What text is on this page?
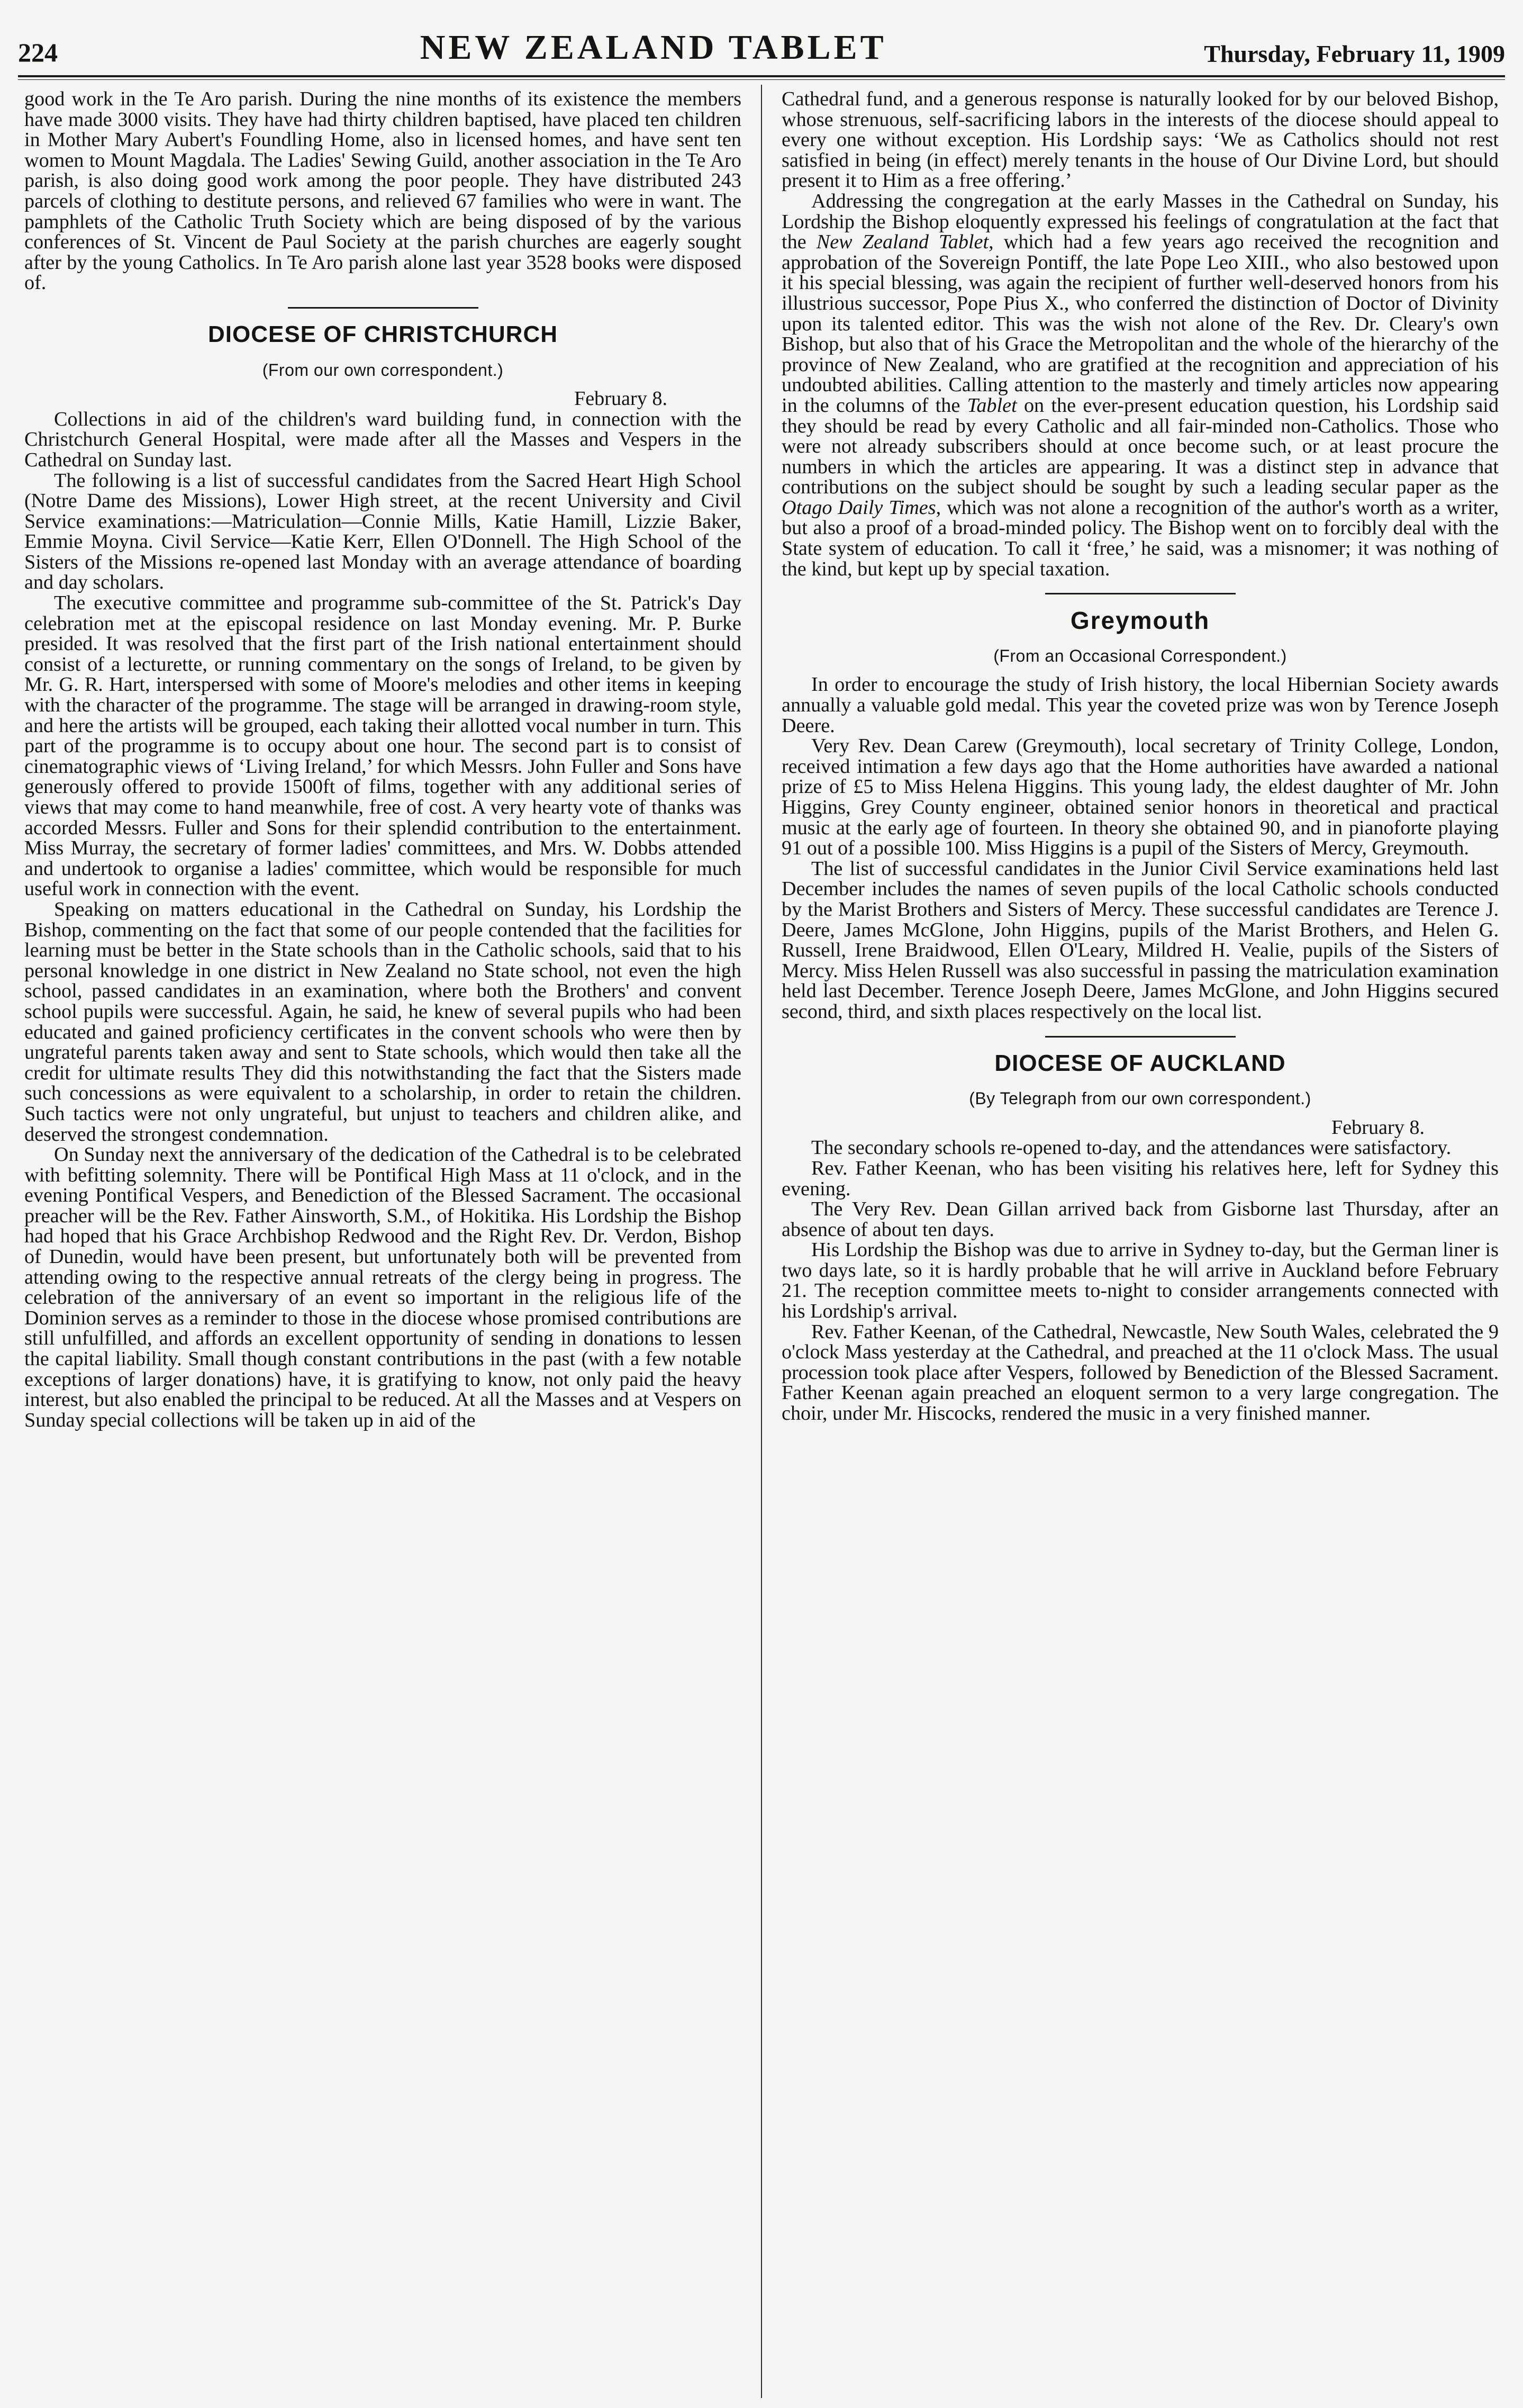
224	NEW ZEALAND TABLET	Thursday, February 11, 1909

good work in the Te Aro parish. During the nine months of its existence the members have made 3000 visits. They have had thirty children baptised, have placed ten children in Mother Mary Aubert's Foundling Home, also in licensed homes, and have sent ten women to Mount Magdala. The Ladies' Sewing Guild, another association in the Te Aro parish, is also doing good work among the poor people. They have distributed 243 parcels of clothing to destitute persons, and relieved 67 families who were in want. The pamphlets of the Catholic Truth Society which are being disposed of by the various conferences of St. Vincent de Paul Society at the parish churches are eagerly sought after by the young Catholics. In Te Aro parish alone last year 3528 books were disposed of.

DIOCESE OF CHRISTCHURCH
(From our own correspondent.)

February 8.

Collections in aid of the children's ward building fund, in connection with the Christchurch General Hospital, were made after all the Masses and Vespers in the Cathedral on Sunday last.

The following is a list of successful candidates from the Sacred Heart High School (Notre Dame des Missions), Lower High street, at the recent University and Civil Service examinations:—Matriculation—Connie Mills, Katie Hamill, Lizzie Baker, Emmie Moyna. Civil Service—Katie Kerr, Ellen O'Donnell. The High School of the Sisters of the Missions re-opened last Monday with an average attendance of boarding and day scholars.

The executive committee and programme sub-committee of the St. Patrick's Day celebration met at the episcopal residence on last Monday evening. Mr. P. Burke presided. It was resolved that the first part of the Irish national entertainment should consist of a lecturette, or running commentary on the songs of Ireland, to be given by Mr. G. R. Hart, interspersed with some of Moore's melodies and other items in keeping with the character of the programme. The stage will be arranged in drawing-room style, and here the artists will be grouped, each taking their allotted vocal number in turn. This part of the programme is to occupy about one hour. The second part is to consist of cinematographic views of ‘Living Ireland,’ for which Messrs. John Fuller and Sons have generously offered to provide 1500ft of films, together with any additional series of views that may come to hand meanwhile, free of cost. A very hearty vote of thanks was accorded Messrs. Fuller and Sons for their splendid contribution to the entertainment. Miss Murray, the secretary of former ladies' committees, and Mrs. W. Dobbs attended and undertook to organise a ladies' committee, which would be responsible for much useful work in connection with the event.

Speaking on matters educational in the Cathedral on Sunday, his Lordship the Bishop, commenting on the fact that some of our people contended that the facilities for learning must be better in the State schools than in the Catholic schools, said that to his personal knowledge in one district in New Zealand no State school, not even the high school, passed candidates in an examination, where both the Brothers' and convent school pupils were successful. Again, he said, he knew of several pupils who had been educated and gained proficiency certificates in the convent schools who were then by ungrateful parents taken away and sent to State schools, which would then take all the credit for ultimate results They did this notwithstanding the fact that the Sisters made such concessions as were equivalent to a scholarship, in order to retain the children. Such tactics were not only ungrateful, but unjust to teachers and children alike, and deserved the strongest condemnation.

On Sunday next the anniversary of the dedication of the Cathedral is to be celebrated with befitting solemnity. There will be Pontifical High Mass at 11 o'clock, and in the evening Pontifical Vespers, and Benediction of the Blessed Sacrament. The occasional preacher will be the Rev. Father Ainsworth, S.M., of Hokitika. His Lordship the Bishop had hoped that his Grace Archbishop Redwood and the Right Rev. Dr. Verdon, Bishop of Dunedin, would have been present, but unfortunately both will be prevented from attending owing to the respective annual retreats of the clergy being in progress. The celebration of the anniversary of an event so important in the religious life of the Dominion serves as a reminder to those in the diocese whose promised contributions are still unfulfilled, and affords an excellent opportunity of sending in donations to lessen the capital liability. Small though constant contributions in the past (with a few notable exceptions of larger donations) have, it is gratifying to know, not only paid the heavy interest, but also enabled the principal to be reduced. At all the Masses and at Vespers on Sunday special collections will be taken up in aid of the

Cathedral fund, and a generous response is naturally looked for by our beloved Bishop, whose strenuous, self-sacrificing labors in the interests of the diocese should appeal to every one without exception. His Lordship says: ‘We as Catholics should not rest satisfied in being (in effect) merely tenants in the house of Our Divine Lord, but should present it to Him as a free offering.’

Addressing the congregation at the early Masses in the Cathedral on Sunday, his Lordship the Bishop eloquently expressed his feelings of congratulation at the fact that the New Zealand Tablet, which had a few years ago received the recognition and approbation of the Sovereign Pontiff, the late Pope Leo XIII., who also bestowed upon it his special blessing, was again the recipient of further well-deserved honors from his illustrious successor, Pope Pius X., who conferred the distinction of Doctor of Divinity upon its talented editor. This was the wish not alone of the Rev. Dr. Cleary's own Bishop, but also that of his Grace the Metropolitan and the whole of the hierarchy of the province of New Zealand, who are gratified at the recognition and appreciation of his undoubted abilities. Calling attention to the masterly and timely articles now appearing in the columns of the Tablet on the ever-present education question, his Lordship said they should be read by every Catholic and all fair-minded non-Catholics. Those who were not already subscribers should at once become such, or at least procure the numbers in which the articles are appearing. It was a distinct step in advance that contributions on the subject should be sought by such a leading secular paper as the Otago Daily Times, which was not alone a recognition of the author's worth as a writer, but also a proof of a broad-minded policy. The Bishop went on to forcibly deal with the State system of education. To call it ‘free,’ he said, was a misnomer; it was nothing of the kind, but kept up by special taxation.

Greymouth
(From an Occasional Correspondent.)

In order to encourage the study of Irish history, the local Hibernian Society awards annually a valuable gold medal. This year the coveted prize was won by Terence Joseph Deere.

Very Rev. Dean Carew (Greymouth), local secretary of Trinity College, London, received intimation a few days ago that the Home authorities have awarded a national prize of £5 to Miss Helena Higgins. This young lady, the eldest daughter of Mr. John Higgins, Grey County engineer, obtained senior honors in theoretical and practical music at the early age of fourteen. In theory she obtained 90, and in pianoforte playing 91 out of a possible 100. Miss Higgins is a pupil of the Sisters of Mercy, Greymouth.

The list of successful candidates in the Junior Civil Service examinations held last December includes the names of seven pupils of the local Catholic schools conducted by the Marist Brothers and Sisters of Mercy. These successful candidates are Terence J. Deere, James McGlone, John Higgins, pupils of the Marist Brothers, and Helen G. Russell, Irene Braidwood, Ellen O'Leary, Mildred H. Vealie, pupils of the Sisters of Mercy. Miss Helen Russell was also successful in passing the matriculation examination held last December. Terence Joseph Deere, James McGlone, and John Higgins secured second, third, and sixth places respectively on the local list.

DIOCESE OF AUCKLAND
(By Telegraph from our own correspondent.)

February 8.

The secondary schools re-opened to-day, and the attendances were satisfactory.

Rev. Father Keenan, who has been visiting his relatives here, left for Sydney this evening.

The Very Rev. Dean Gillan arrived back from Gisborne last Thursday, after an absence of about ten days.

His Lordship the Bishop was due to arrive in Sydney to-day, but the German liner is two days late, so it is hardly probable that he will arrive in Auckland before February 21. The reception committee meets to-night to consider arrangements connected with his Lordship's arrival.

Rev. Father Keenan, of the Cathedral, Newcastle, New South Wales, celebrated the 9 o'clock Mass yesterday at the Cathedral, and preached at the 11 o'clock Mass. The usual procession took place after Vespers, followed by Benediction of the Blessed Sacrament. Father Keenan again preached an eloquent sermon to a very large congregation. The choir, under Mr. Hiscocks, rendered the music in a very finished manner.
